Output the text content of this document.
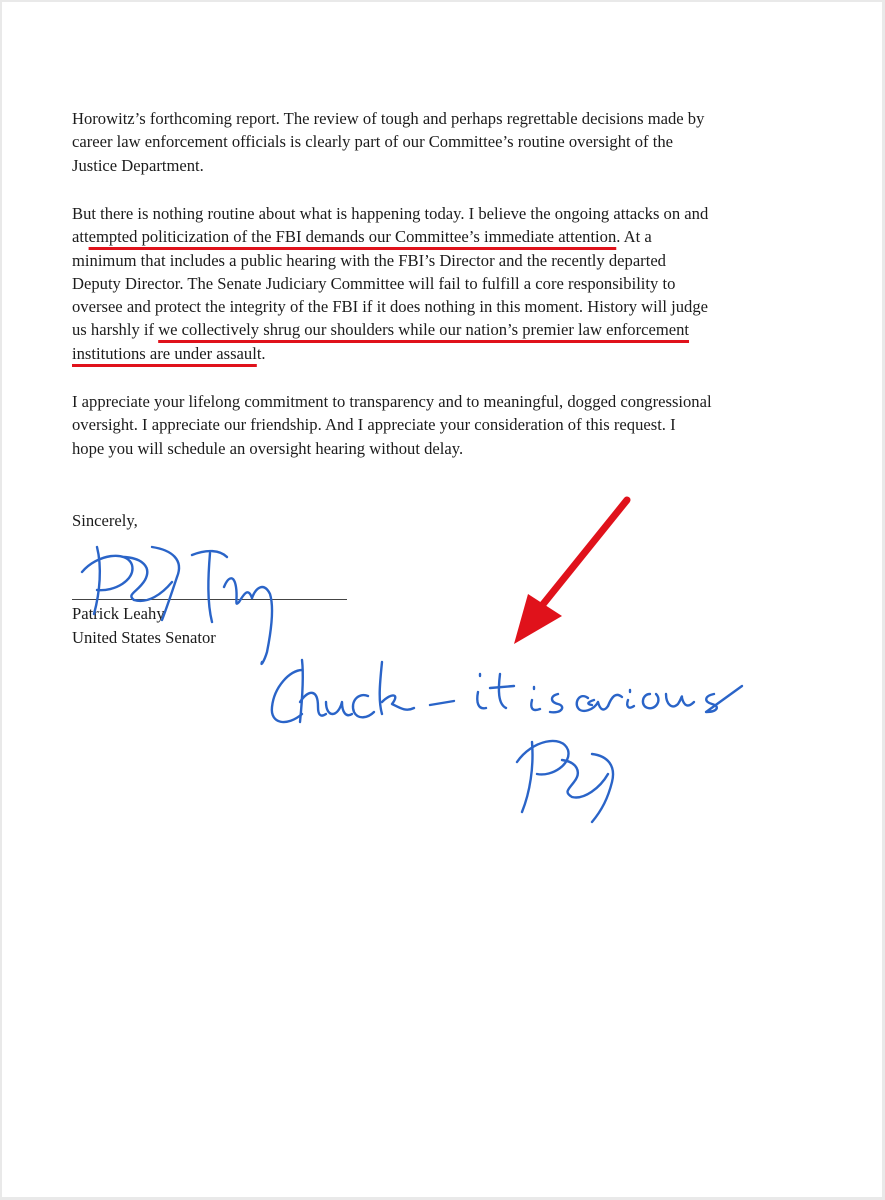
Horowitz’s forthcoming report. The review of tough and perhaps regrettable decisions made by
career law enforcement officials is clearly part of our Committee’s routine oversight of the
Justice Department.

But there is nothing routine about what is happening today. I believe the ongoing attacks on and
attempted politicization of the FBI demands our Committee’s immediate attention. At a
minimum that includes a public hearing with the FBI’s Director and the recently departed
Deputy Director. The Senate Judiciary Committee will fail to fulfill a core responsibility to
oversee and protect the integrity of the FBI if it does nothing in this moment. History will judge
us harshly if we collectively shrug our shoulders while our nation’s premier law enforcement
institutions are under assault.

I appreciate your lifelong commitment to transparency and to meaningful, dogged congressional
oversight. I appreciate our friendship. And I appreciate your consideration of this request. I
hope you will schedule an oversight hearing without delay.

Sincerely,

Patrick Leahy

United States Senator
